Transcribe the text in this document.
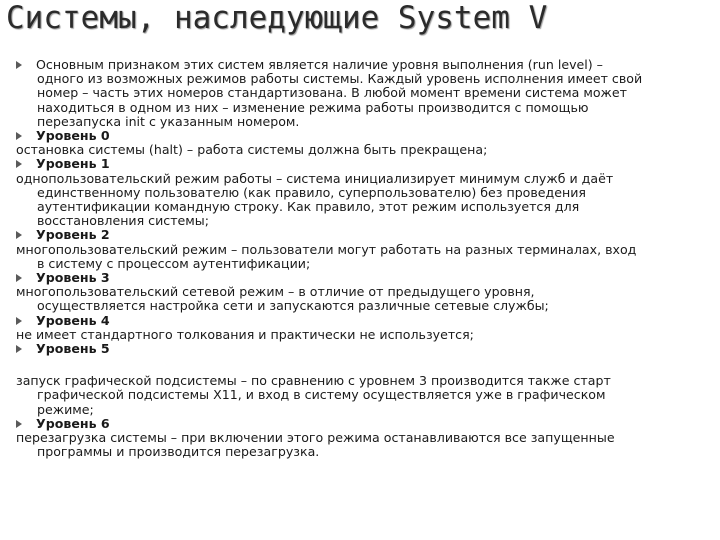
Системы, наследующие System V
Основным признаком этих систем является наличие уровня выполнения (run level) –
одного из возможных режимов работы системы. Каждый уровень исполнения имеет свой
номер – часть этих номеров стандартизована. В любой момент времени система может
находиться в одном из них – изменение режима работы производится с помощью
перезапуска init с указанным номером.
Уровень 0
остановка системы (halt) – работа системы должна быть прекращена;
Уровень 1
однопользовательский режим работы – система инициализирует минимум служб и даёт
единственному пользователю (как правило, суперпользователю) без проведения
аутентификации командную строку. Как правило, этот режим используется для
восстановления системы;
Уровень 2
многопользовательский режим – пользователи могут работать на разных терминалах, вход
в систему с процессом аутентификации;
Уровень 3
многопользовательский сетевой режим – в отличие от предыдущего уровня,
осуществляется настройка сети и запускаются различные сетевые службы;
Уровень 4
не имеет стандартного толкования и практически не используется;
Уровень 5
запуск графической подсистемы – по сравнению с уровнем 3 производится также старт
графической подсистемы X11, и вход в систему осуществляется уже в графическом
режиме;
Уровень 6
перезагрузка системы – при включении этого режима останавливаются все запущенные
программы и производится перезагрузка.
